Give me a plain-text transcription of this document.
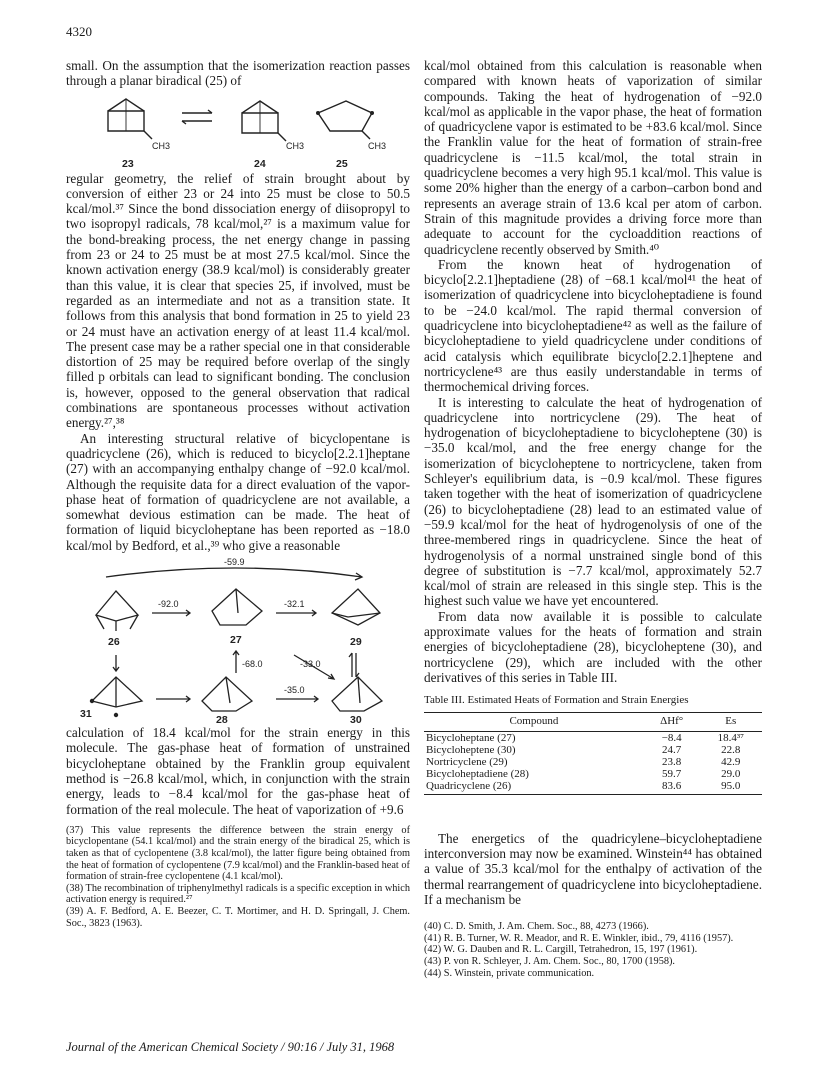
4320

small. On the assumption that the isomerization reaction passes through a planar biradical (25) of

CH3	CH3	CH3
23	24	25

regular geometry, the relief of strain brought about by conversion of either 23 or 24 into 25 must be close to 50.5 kcal/mol.³⁷ Since the bond dissociation energy of diisopropyl to two isopropyl radicals, 78 kcal/mol,²⁷ is a maximum value for the bond-breaking process, the net energy change in passing from 23 or 24 to 25 must be at most 27.5 kcal/mol. Since the known activation energy (38.9 kcal/mol) is considerably greater than this value, it is clear that species 25, if involved, must be regarded as an intermediate and not as a transition state. It follows from this analysis that bond formation in 25 to yield 23 or 24 must have an activation energy of at least 11.4 kcal/mol. The present case may be a rather special one in that considerable distortion of 25 may be required before overlap of the singly filled p orbitals can lead to significant bonding. The conclusion is, however, opposed to the general observation that radical combinations are spontaneous processes without activation energy.²⁷,³⁸

An interesting structural relative of bicyclopentane is quadricyclene (26), which is reduced to bicyclo[2.2.1]heptane (27) with an accompanying enthalpy change of −92.0 kcal/mol. Although the requisite data for a direct evaluation of the vapor-phase heat of formation of quadricyclene are not available, a somewhat devious estimation can be made. The heat of formation of liquid bicycloheptane has been reported as −18.0 kcal/mol by Bedford, et al.,³⁹ who give a reasonable

-59.9
-92.0	-32.1
-68.0	-33.0
-35.0
26	27	29
31	28	30

calculation of 18.4 kcal/mol for the strain energy in this molecule. The gas-phase heat of formation of unstrained bicycloheptane obtained by the Franklin group equivalent method is −26.8 kcal/mol, which, in conjunction with the strain energy, leads to −8.4 kcal/mol for the gas-phase heat of formation of the real molecule. The heat of vaporization of +9.6

(37) This value represents the difference between the strain energy of bicyclopentane (54.1 kcal/mol) and the strain energy of the biradical 25, which is taken as that of cyclopentene (3.8 kcal/mol), the latter figure being obtained from the heat of formation of cyclopentene (7.9 kcal/mol) and the Franklin-based heat of formation of strain-free cyclopentene (4.1 kcal/mol).

(38) The recombination of triphenylmethyl radicals is a specific exception in which activation energy is required.²⁷

(39) A. F. Bedford, A. E. Beezer, C. T. Mortimer, and H. D. Springall, J. Chem. Soc., 3823 (1963).

kcal/mol obtained from this calculation is reasonable when compared with known heats of vaporization of similar compounds. Taking the heat of hydrogenation of −92.0 kcal/mol as applicable in the vapor phase, the heat of formation of quadricyclene vapor is estimated to be +83.6 kcal/mol. Since the Franklin value for the heat of formation of strain-free quadricyclene is −11.5 kcal/mol, the total strain in quadricyclene becomes a very high 95.1 kcal/mol. This value is some 20% higher than the energy of a carbon–carbon bond and represents an average strain of 13.6 kcal per atom of carbon. Strain of this magnitude provides a driving force more than adequate to account for the cycloaddition reactions of quadricyclene recently observed by Smith.⁴⁰

From the known heat of hydrogenation of bicyclo[2.2.1]heptadiene (28) of −68.1 kcal/mol⁴¹ the heat of isomerization of quadricyclene into bicycloheptadiene is found to be −24.0 kcal/mol. The rapid thermal conversion of quadricyclene into bicycloheptadiene⁴² as well as the failure of bicycloheptadiene to yield quadricyclene under conditions of acid catalysis which equilibrate bicyclo[2.2.1]heptene and nortricyclene⁴³ are thus easily understandable in terms of thermochemical driving forces.

It is interesting to calculate the heat of hydrogenation of quadricyclene into nortricyclene (29). The heat of hydrogenation of bicycloheptadiene to bicycloheptene (30) is −35.0 kcal/mol, and the free energy change for the isomerization of bicycloheptene to nortricyclene, taken from Schleyer's equilibrium data, is −0.9 kcal/mol. These figures taken together with the heat of isomerization of quadricyclene (26) to bicycloheptadiene (28) lead to an estimated value of −59.9 kcal/mol for the heat of hydrogenolysis of one of the three-membered rings in quadricyclene. Since the heat of hydrogenolysis of a normal unstrained single bond of this degree of substitution is −7.7 kcal/mol, approximately 52.7 kcal/mol of strain are released in this single step. This is the highest such value we have yet encountered.

From data now available it is possible to calculate approximate values for the heats of formation and strain energies of bicycloheptadiene (28), bicycloheptene (30), and nortricyclene (29), which are included with the other derivatives of this series in Table III.

Table III. Estimated Heats of Formation and Strain Energies
Compound	ΔHf°	Es
Bicycloheptane (27)	−8.4	18.4³⁷
Bicycloheptene (30)	24.7	22.8
Nortricyclene (29)	23.8	42.9
Bicycloheptadiene (28)	59.7	29.0
Quadricyclene (26)	83.6	95.0

The energetics of the quadricylene–bicycloheptadiene interconversion may now be examined. Winstein⁴⁴ has obtained a value of 35.3 kcal/mol for the enthalpy of activation of the thermal rearrangement of quadricyclene into bicycloheptadiene. If a mechanism be

(40) C. D. Smith, J. Am. Chem. Soc., 88, 4273 (1966).

(41) R. B. Turner, W. R. Meador, and R. E. Winkler, ibid., 79, 4116 (1957).

(42) W. G. Dauben and R. L. Cargill, Tetrahedron, 15, 197 (1961).

(43) P. von R. Schleyer, J. Am. Chem. Soc., 80, 1700 (1958).

(44) S. Winstein, private communication.

Journal of the American Chemical Society / 90:16 / July 31, 1968
